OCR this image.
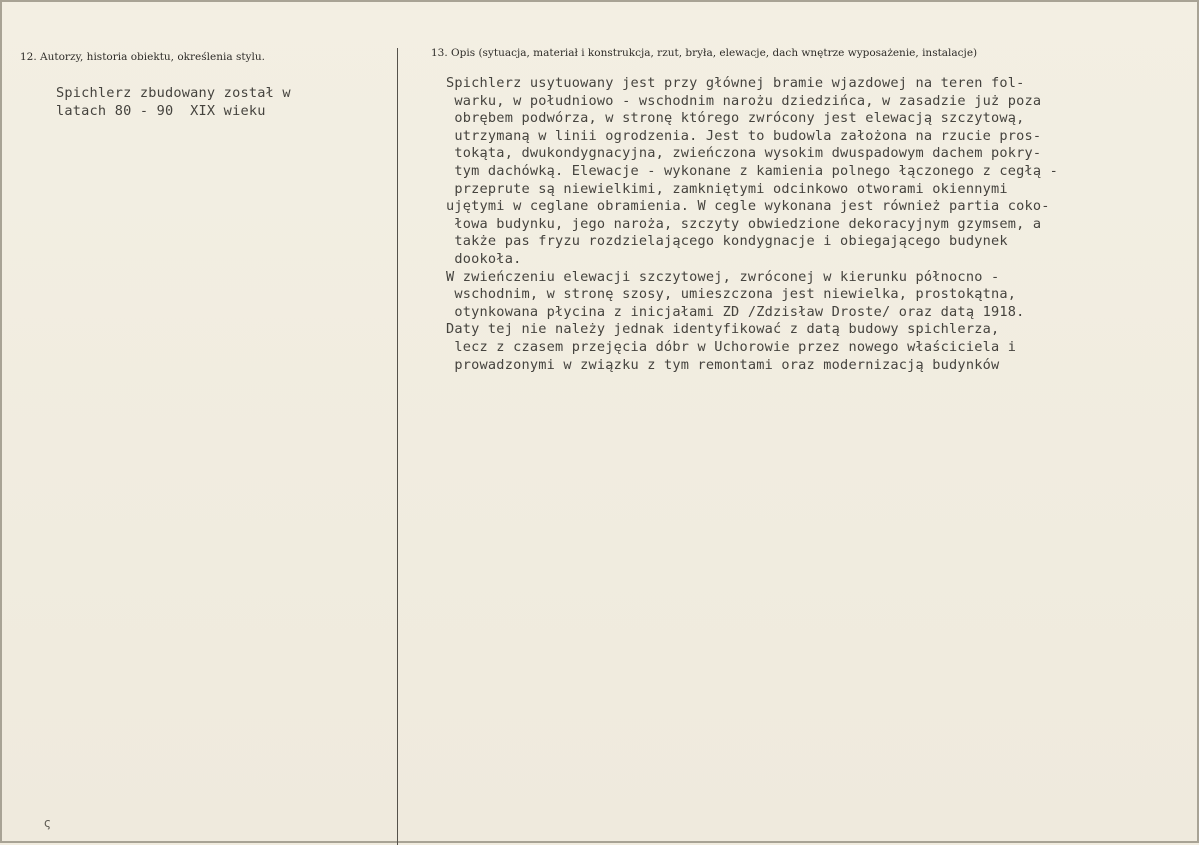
12. Autorzy, historia obiektu, określenia stylu.	13. Opis (sytuacja, materiał i konstrukcja, rzut, bryła, elewacje, dach wnętrze wyposażenie, instalacje)
Spichlerz zbudowany został w
latach 80 - 90  XIX wieku
Spichlerz usytuowany jest przy głównej bramie wjazdowej na teren fol-
warku, w południowo - wschodnim narożu dziedzińca, w zasadzie już poza
obrębem podwórza, w stronę którego zwrócony jest elewacją szczytową,
utrzymaną w linii ogrodzenia. Jest to budowla założona na rzucie pros-
tokąta, dwukondygnacyjna, zwieńczona wysokim dwuspadowym dachem pokry-
tym dachówką. Elewacje - wykonane z kamienia polnego łączonego z cegłą -
przeprute są niewielkimi, zamkniętymi odcinkowo otworami okiennymi
ujętymi w ceglane obramienia. W cegle wykonana jest również partia coko-
łowa budynku, jego naroża, szczyty obwiedzione dekoracyjnym gzymsem, a
także pas fryzu rozdzielającego kondygnacje i obiegającego budynek
dookoła.
W zwieńczeniu elewacji szczytowej, zwróconej w kierunku północno -
wschodnim, w stronę szosy, umieszczona jest niewielka, prostokątna,
otynkowana płycina z inicjałami ZD /Zdzisław Droste/ oraz datą 1918.
Daty tej nie należy jednak identyfikować z datą budowy spichlerza,
lecz z czasem przejęcia dóbr w Uchorowie przez nowego właściciela i
prowadzonymi w związku z tym remontami oraz modernizacją budynków
ς
